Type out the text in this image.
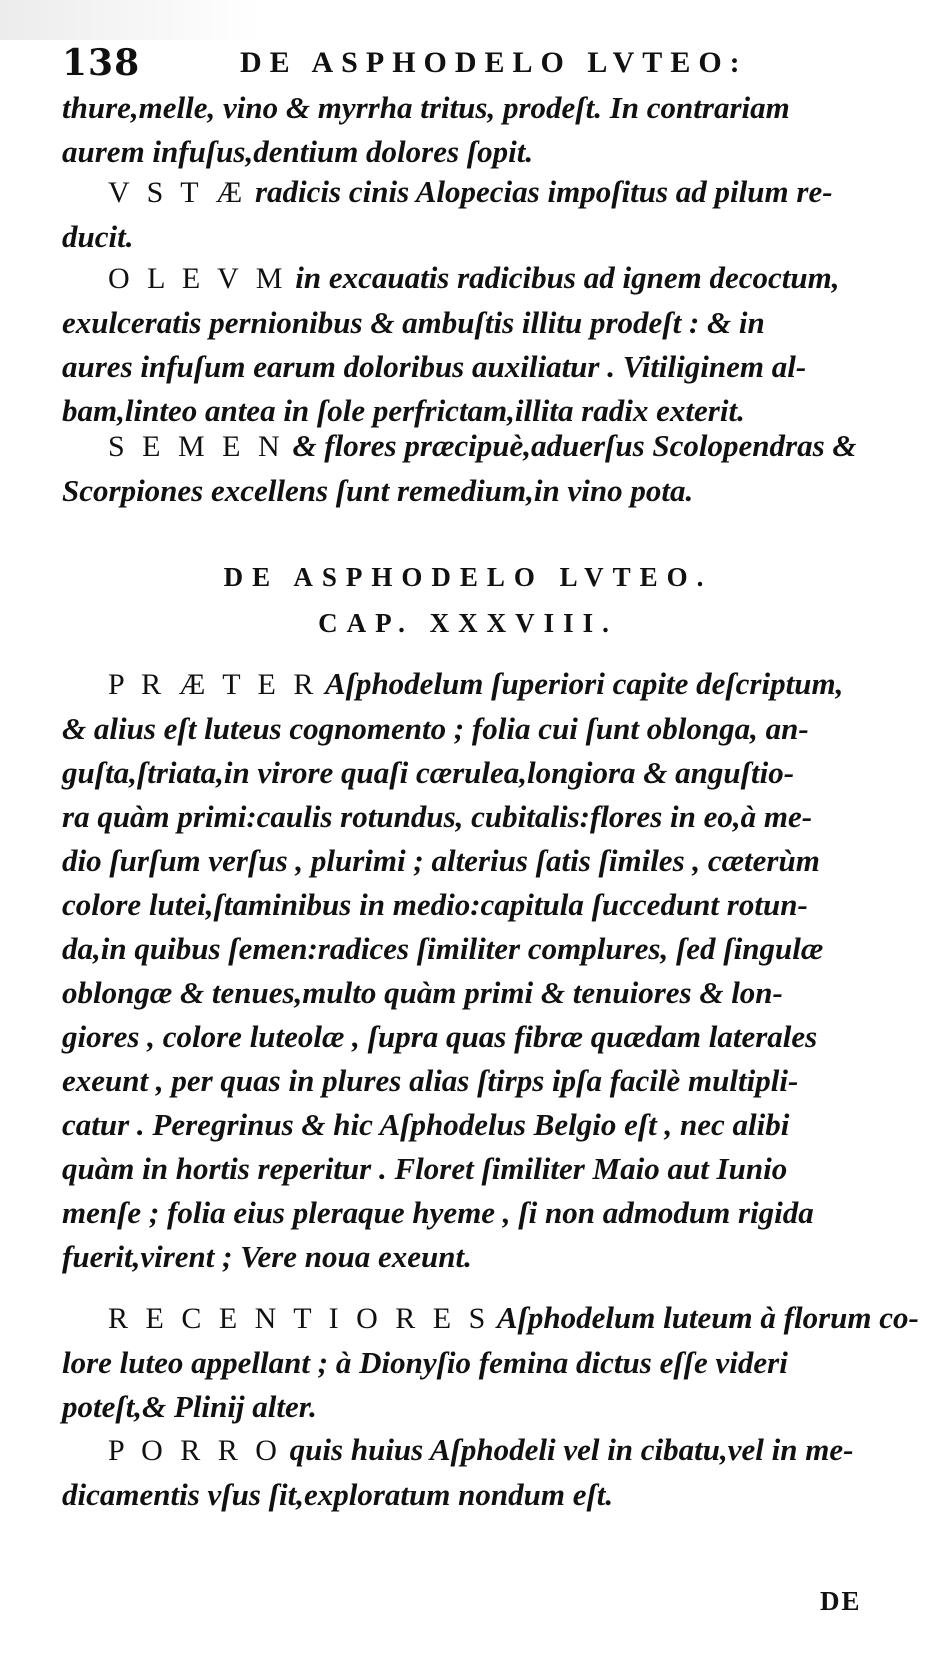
138	DE ASPHODELO LVTEO:
thure,melle, vino & myrrha tritus, prodeſt. In contrariam
aurem infuſus,dentium dolores ſopit.
V S T Æ radicis cinis Alopecias impoſitus ad pilum re-
ducit.
O L E V M in excauatis radicibus ad ignem decoctum,
exulceratis pernionibus & ambuſtis illitu prodeſt : & in
aures infuſum earum doloribus auxiliatur . Vitiliginem al-
bam,linteo antea in ſole perfrictam,illita radix exterit.
S E M E N & flores præcipuè,aduerſus Scolopendras &
Scorpiones excellens ſunt remedium,in vino pota.
DE ASPHODELO LVTEO.
CAP. XXXVIII.
P R Æ T E R Aſphodelum ſuperiori capite deſcriptum,
& alius eſt luteus cognomento ; folia cui ſunt oblonga, an-
guſta,ſtriata,in virore quaſi cærulea,longiora & anguſtio-
ra quàm primi:caulis rotundus, cubitalis:flores in eo,à me-
dio ſurſum verſus , plurimi ; alterius ſatis ſimiles , cæterùm
colore lutei,ſtaminibus in medio:capitula ſuccedunt rotun-
da,in quibus ſemen:radices ſimiliter complures, ſed ſingulæ
oblongæ & tenues,multo quàm primi & tenuiores & lon-
giores , colore luteolæ , ſupra quas fibræ quædam laterales
exeunt , per quas in plures alias ſtirps ipſa facilè multipli-
catur . Peregrinus & hic Aſphodelus Belgio eſt , nec alibi
quàm in hortis reperitur . Floret ſimiliter Maio aut Iunio
menſe ; folia eius pleraque hyeme , ſi non admodum rigida
fuerit,virent ; Vere noua exeunt.
R E C E N T I O R E S Aſphodelum luteum à florum co-
lore luteo appellant ; à Dionyſio femina dictus eſſe videri
poteſt,& Plinij alter.
P O R R O quis huius Aſphodeli vel in cibatu,vel in me-
dicamentis vſus ſit,exploratum nondum eſt.
DE
